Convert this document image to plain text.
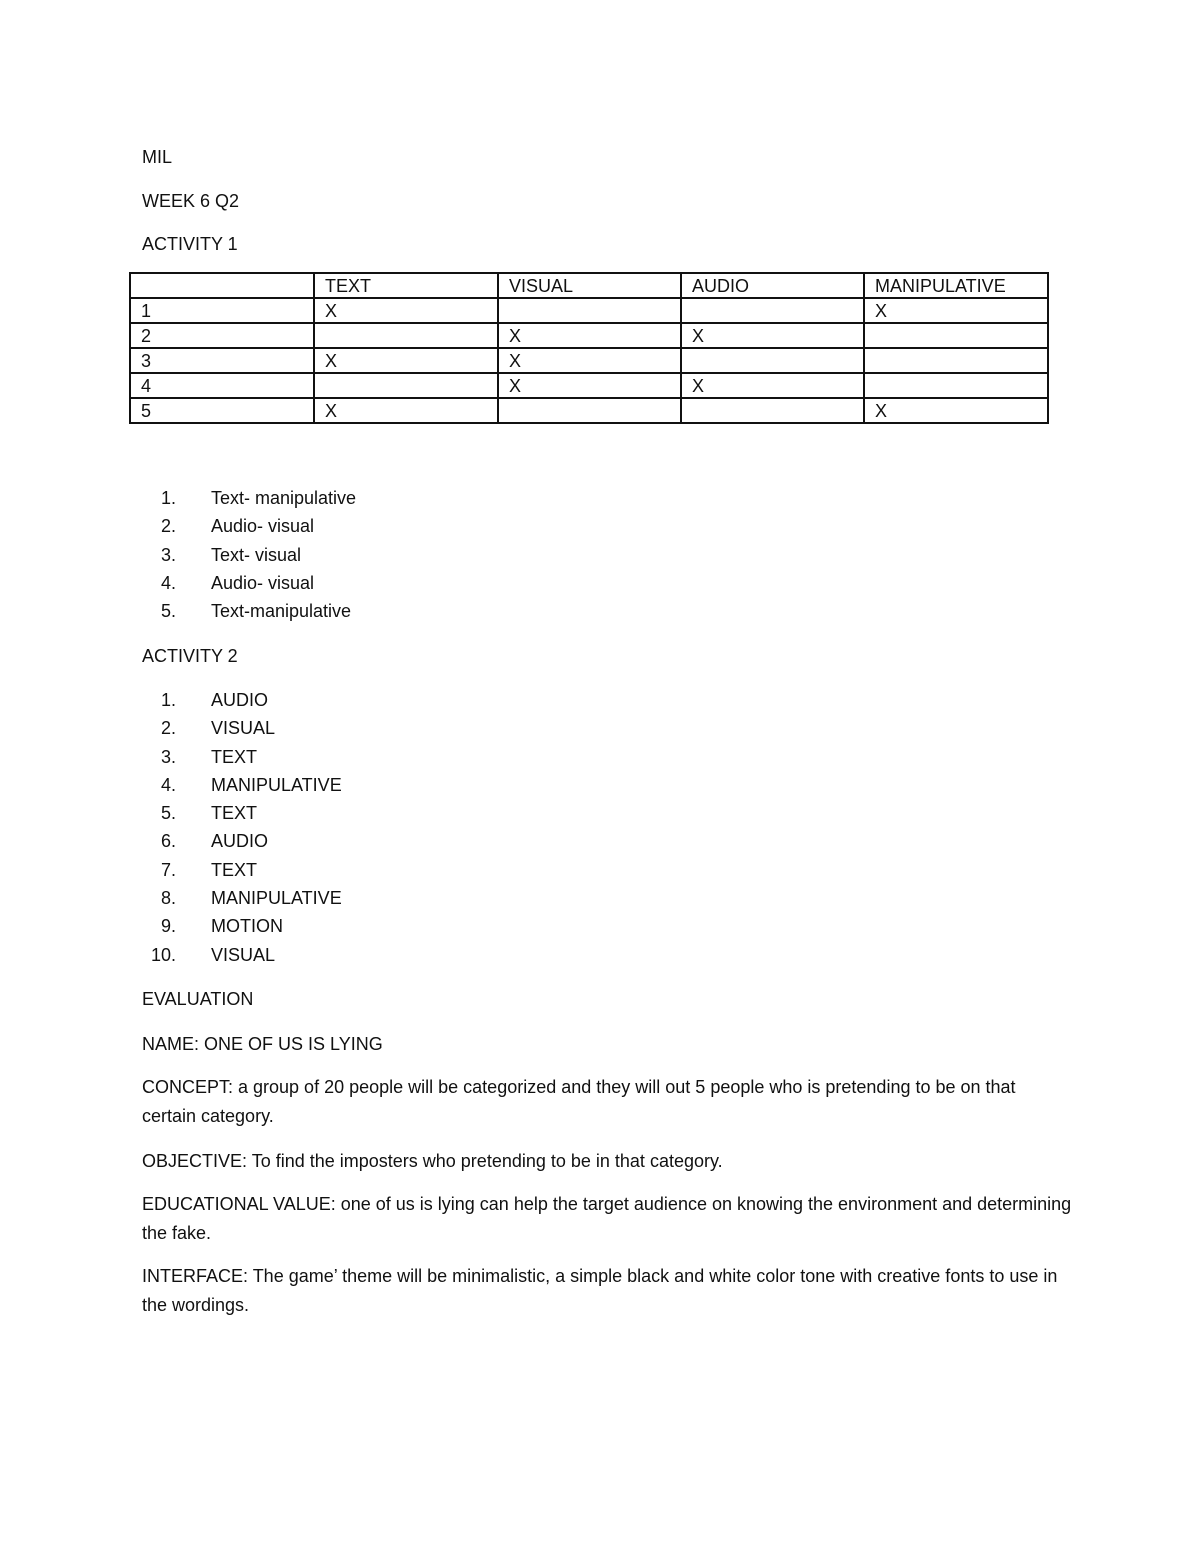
MIL
WEEK 6 Q2
ACTIVITY 1
	TEXT	VISUAL	AUDIO	MANIPULATIVE
1	X			X
2		X	X	
3	X	X		
4		X	X	
5	X			X
1. Text- manipulative
2. Audio- visual
3. Text- visual
4. Audio- visual
5. Text-manipulative
ACTIVITY 2
1. AUDIO
2. VISUAL
3. TEXT
4. MANIPULATIVE
5. TEXT
6. AUDIO
7. TEXT
8. MANIPULATIVE
9. MOTION
10. VISUAL
EVALUATION
NAME: ONE OF US IS LYING
CONCEPT: a group of 20 people will be categorized and they will out 5 people who is pretending to be on that certain category.
OBJECTIVE: To find the imposters who pretending to be in that category.
EDUCATIONAL VALUE: one of us is lying can help the target audience on knowing the environment and determining the fake.
INTERFACE: The game’ theme will be minimalistic, a simple black and white color tone with creative fonts to use in the wordings.
